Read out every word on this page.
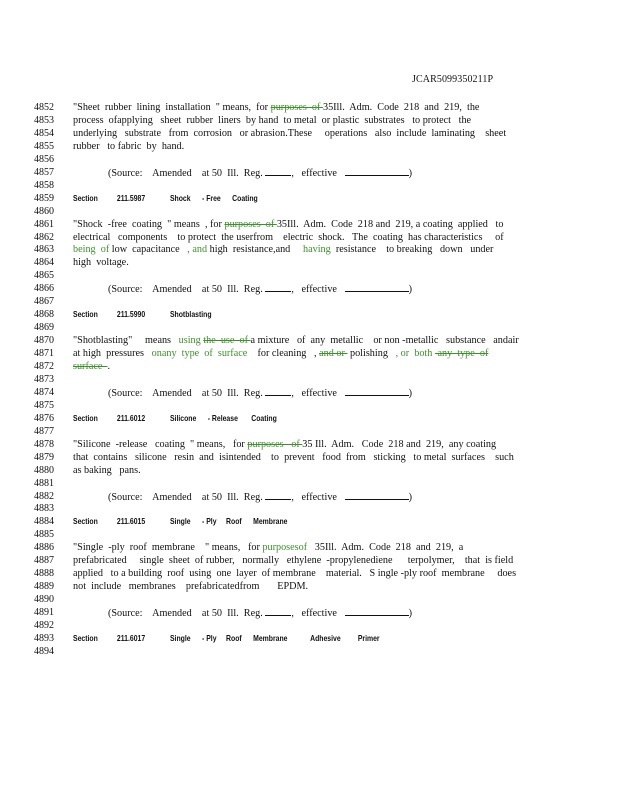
JCAR5099350211P
4852	"Sheet  rubber  lining  installation  " means,  for purposes  of 35Ill.  Adm.  Code  218  and  219,  the
4853	process  ofapplying   sheet  rubber  liners  by hand  to metal  or plastic  substrates   to protect   the
4854	underlying   substrate   from  corrosion   or abrasion.These     operations   also  include  laminating    sheet
4855	rubber   to fabric  by  hand.
4856
4857	(Source:    Amended    at 50  Ill.  Reg.	,   effective	)
4858
4859	Section          211.5987             Shock      - Free      Coating
4860
4861	"Shock  -free  coating  " means  , for purposes  of 35Ill.  Adm.  Code  218 and  219, a coating  applied   to
4862	electrical   components    to protect  the userfrom    electric  shock.   The  coating  has characteristics     of
4863	being  of low  capacitance   , and high  resistance,and     having  resistance    to breaking   down   under
4864	high  voltage.
4865
4866	(Source:    Amended    at 50  Ill.  Reg.	,   effective	)
4867
4868	Section          211.5990             Shotblasting
4869
4870	"Shotblasting"     means   using the  use  of a mixture   of  any  metallic    or non -metallic   substance   andair
4871	at high  pressures   onany  type  of  surface    for cleaning   , and or  polishing   , or  both  any  type  of
4872	surface  .
4873
4874	(Source:    Amended    at 50  Ill.  Reg.	,   effective	)
4875
4876	Section          211.6012             Silicone      - Release       Coating
4877
4878	"Silicone  -release   coating  " means,   for purposes   of 35 Ill.  Adm.   Code  218 and  219,  any coating
4879	that  contains   silicone   resin  and  isintended    to  prevent   food  from   sticking   to metal  surfaces    such
4880	as baking   pans.
4881
4882	(Source:    Amended    at 50  Ill.  Reg.	,   effective	)
4883
4884	Section          211.6015             Single      - Ply     Roof      Membrane
4885
4886	"Single  -ply  roof  membrane    " means,   for purposesof   35Ill.  Adm.  Code  218  and  219,  a
4887	prefabricated     single  sheet  of rubber,   normally   ethylene  -propylenediene      terpolymer,    that  is field
4888	applied   to a building  roof  using  one  layer  of membrane    material.   S ingle -ply roof  membrane     does
4889	not  include   membranes    prefabricatedfrom       EPDM.
4890
4891	(Source:    Amended    at 50  Ill.  Reg.	,   effective	)
4892
4893	Section          211.6017             Single      - Ply     Roof      Membrane            Adhesive         Primer
4894
